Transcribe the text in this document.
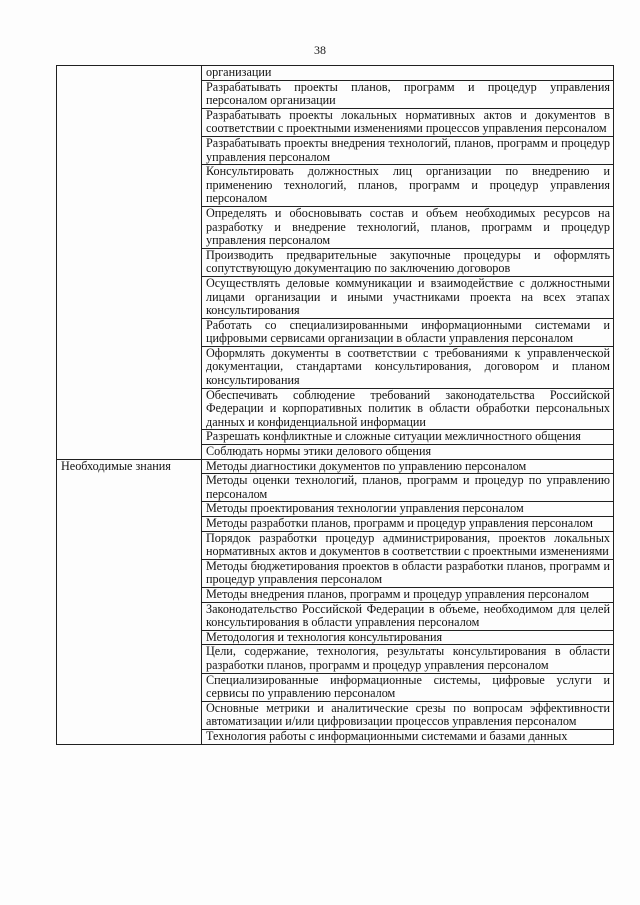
38
	организации
	Разрабатывать проекты планов, программ и процедур управления персоналом организации
	Разрабатывать проекты локальных нормативных актов и документов в соответствии с проектными изменениями процессов управления персоналом
	Разрабатывать проекты внедрения технологий, планов, программ и процедур управления персоналом
	Консультировать должностных лиц организации по внедрению и применению технологий, планов, программ и процедур управления персоналом
	Определять и обосновывать состав и объем необходимых ресурсов на разработку и внедрение технологий, планов, программ и процедур управления персоналом
	Производить предварительные закупочные процедуры и оформлять сопутствующую документацию по заключению договоров
	Осуществлять деловые коммуникации и взаимодействие с должностными лицами организации и иными участниками проекта на всех этапах консультирования
	Работать со специализированными информационными системами и цифровыми сервисами организации в области управления персоналом
	Оформлять документы в соответствии с требованиями к управленческой документации, стандартами консультирования, договором и планом консультирования
	Обеспечивать соблюдение требований законодательства Российской Федерации и корпоративных политик в области обработки персональных данных и конфиденциальной информации
	Разрешать конфликтные и сложные ситуации межличностного общения
	Соблюдать нормы этики делового общения
Необходимые знания	Методы диагностики документов по управлению персоналом
	Методы оценки технологий, планов, программ и процедур по управлению персоналом
	Методы проектирования технологии управления персоналом
	Методы разработки планов, программ и процедур управления персоналом
	Порядок разработки процедур администрирования, проектов локальных нормативных актов и документов в соответствии с проектными изменениями
	Методы бюджетирования проектов в области разработки планов, программ и процедур управления персоналом
	Методы внедрения планов, программ и процедур управления персоналом
	Законодательство Российской Федерации в объеме, необходимом для целей консультирования в области управления персоналом
	Методология и технология консультирования
	Цели, содержание, технология, результаты консультирования в области разработки планов, программ и процедур управления персоналом
	Специализированные информационные системы, цифровые услуги и сервисы по управлению персоналом
	Основные метрики и аналитические срезы по вопросам эффективности автоматизации и/или цифровизации процессов управления персоналом
	Технология работы с информационными системами и базами данных
